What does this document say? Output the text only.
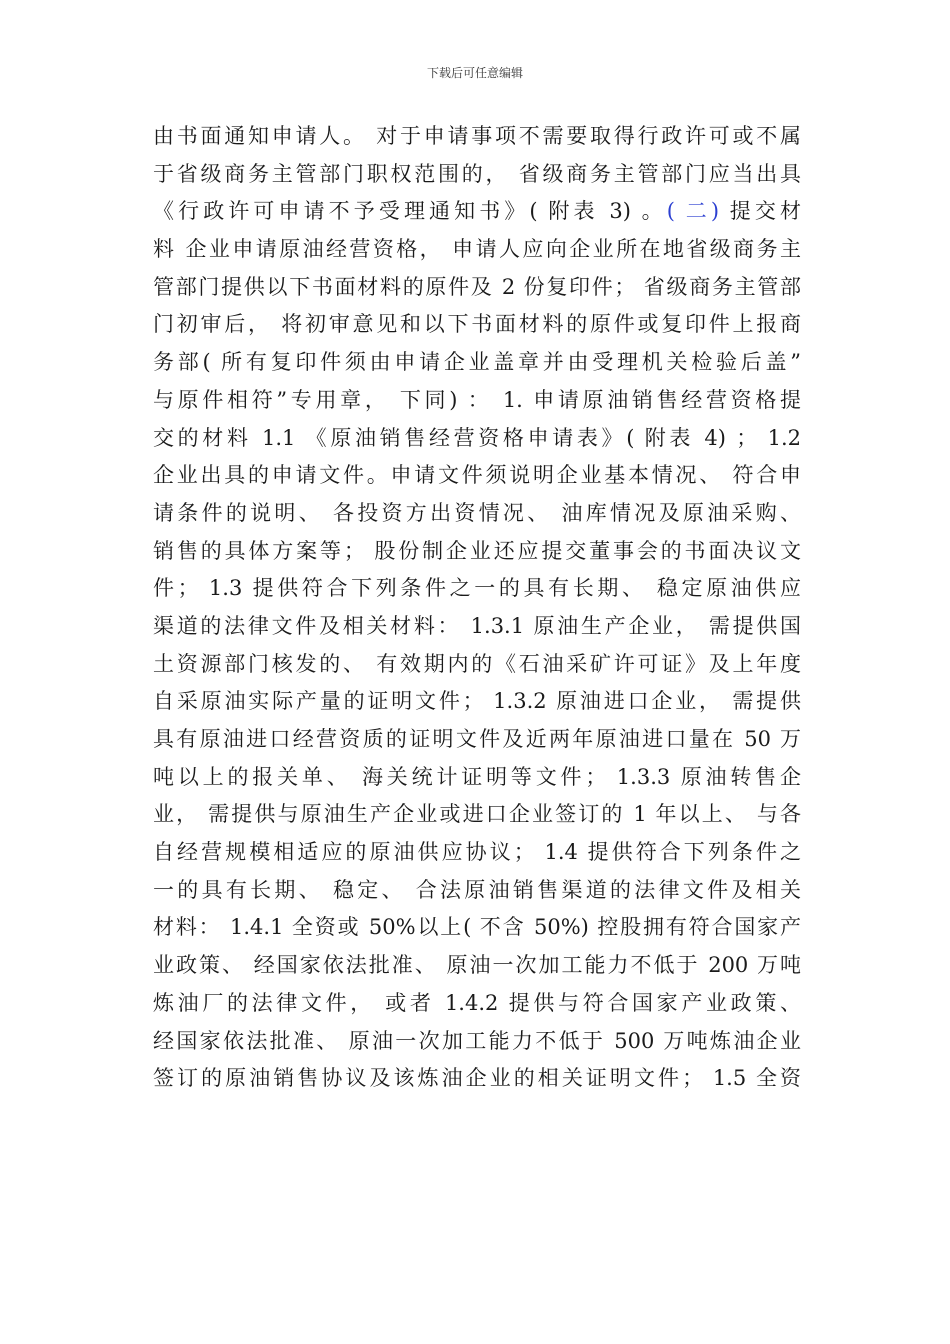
下载后可任意编辑
由书面通知申请人。 对于申请事项不需要取得行政许可或不属
于省级商务主管部门职权范围的， 省级商务主管部门应当出具
《行政许可申请不予受理通知书》( 附表 3) 。( 二) 提交材
料 企业申请原油经营资格， 申请人应向企业所在地省级商务主
管部门提供以下书面材料的原件及 2 份复印件； 省级商务主管部
门初审后， 将初审意见和以下书面材料的原件或复印件上报商
务部( 所有复印件须由申请企业盖章并由受理机关检验后盖”
与原件相符”专用章， 下同) ： 1. 申请原油销售经营资格提
交的材料 1.1 《原油销售经营资格申请表》( 附表 4) ； 1.2
企业出具的申请文件。申请文件须说明企业基本情况、 符合申
请条件的说明、 各投资方出资情况、 油库情况及原油采购、
销售的具体方案等； 股份制企业还应提交董事会的书面决议文
件； 1.3 提供符合下列条件之一的具有长期、 稳定原油供应
渠道的法律文件及相关材料： 1.3.1 原油生产企业， 需提供国
土资源部门核发的、 有效期内的《石油采矿许可证》及上年度
自采原油实际产量的证明文件； 1.3.2 原油进口企业， 需提供
具有原油进口经营资质的证明文件及近两年原油进口量在 50 万
吨以上的报关单、 海关统计证明等文件； 1.3.3 原油转售企
业， 需提供与原油生产企业或进口企业签订的 1 年以上、 与各
自经营规模相适应的原油供应协议； 1.4 提供符合下列条件之
一的具有长期、 稳定、 合法原油销售渠道的法律文件及相关
材料： 1.4.1 全资或 50%以上( 不含 50%) 控股拥有符合国家产
业政策、 经国家依法批准、 原油一次加工能力不低于 200 万吨
炼油厂的法律文件， 或者 1.4.2 提供与符合国家产业政策、
经国家依法批准、 原油一次加工能力不低于 500 万吨炼油企业
签订的原油销售协议及该炼油企业的相关证明文件； 1.5 全资
